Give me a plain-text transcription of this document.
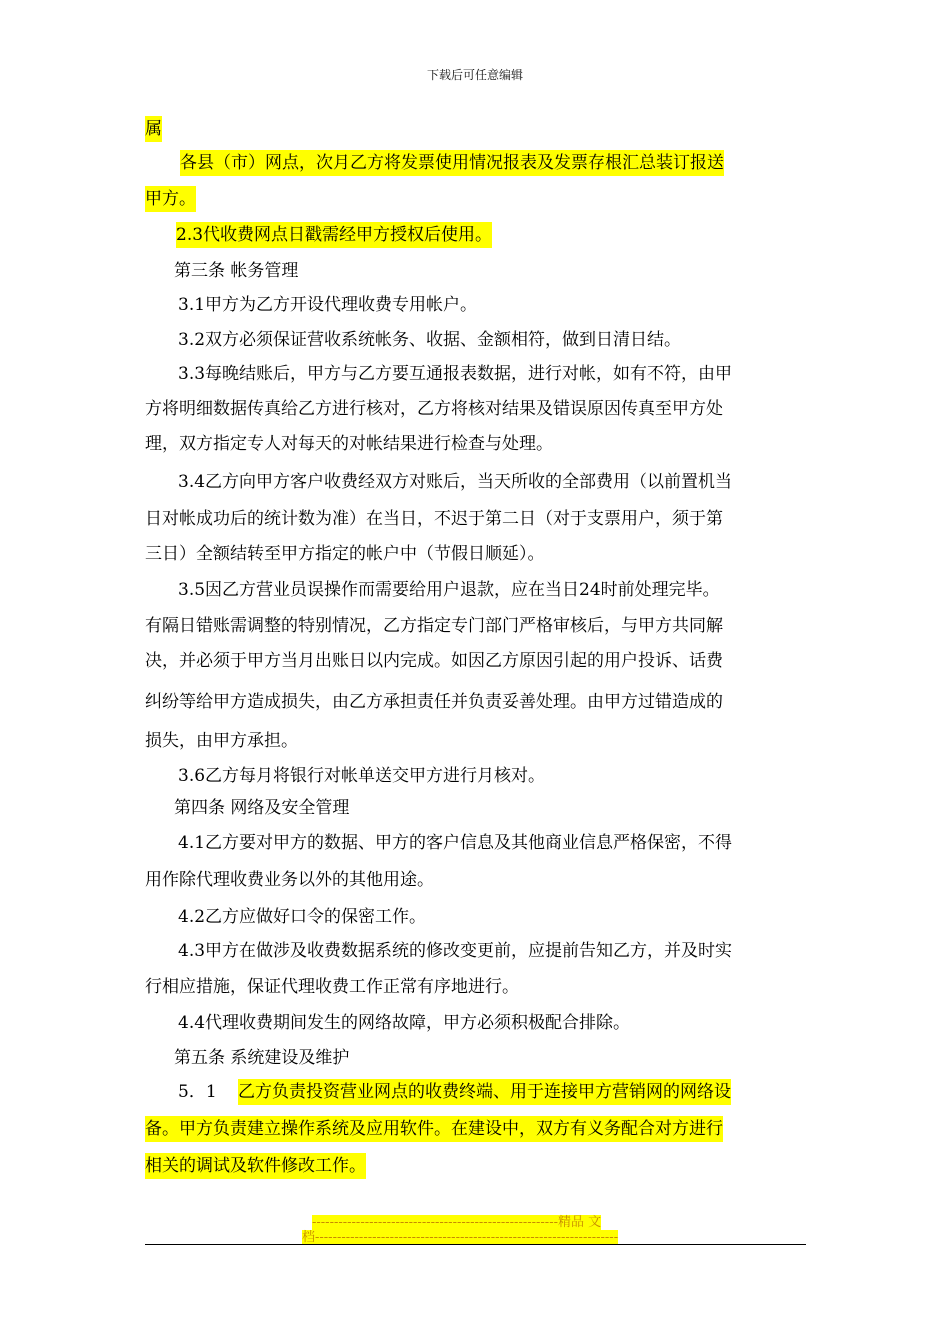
下载后可任意编辑
属
各县（市）网点，次月乙方将发票使用情况报表及发票存根汇总装订报送
甲方。
2.3代收费网点日戳需经甲方授权后使用。
第三条 帐务管理
3.1甲方为乙方开设代理收费专用帐户。
3.2双方必须保证营收系统帐务、收据、金额相符，做到日清日结。
3.3每晚结账后，甲方与乙方要互通报表数据，进行对帐，如有不符，由甲
方将明细数据传真给乙方进行核对，乙方将核对结果及错误原因传真至甲方处
理，双方指定专人对每天的对帐结果进行检查与处理。
3.4乙方向甲方客户收费经双方对账后，当天所收的全部费用（以前置机当
日对帐成功后的统计数为准）在当日，不迟于第二日（对于支票用户，须于第
三日）全额结转至甲方指定的帐户中（节假日顺延）。
3.5因乙方营业员误操作而需要给用户退款，应在当日24时前处理完毕。
有隔日错账需调整的特别情况，乙方指定专门部门严格审核后，与甲方共同解
决，并必须于甲方当月出账日以内完成。如因乙方原因引起的用户投诉、话费
纠纷等给甲方造成损失，由乙方承担责任并负责妥善处理。由甲方过错造成的
损失，由甲方承担。
3.6乙方每月将银行对帐单送交甲方进行月核对。
第四条 网络及安全管理
4.1乙方要对甲方的数据、甲方的客户信息及其他商业信息严格保密，不得
用作除代理收费业务以外的其他用途。
4.2乙方应做好口令的保密工作。
4.3甲方在做涉及收费数据系统的修改变更前，应提前告知乙方，并及时实
行相应措施，保证代理收费工作正常有序地进行。
4.4代理收费期间发生的网络故障，甲方必须积极配合排除。
第五条 系统建设及维护
5．1 乙方负责投资营业网点的收费终端、用于连接甲方营销网的网络设
备。甲方负责建立操作系统及应用软件。在建设中，双方有义务配合对方进行
相关的调试及软件修改工作。
--------------------------------------------------------精品 文
档---------------------------------------------------------------------
